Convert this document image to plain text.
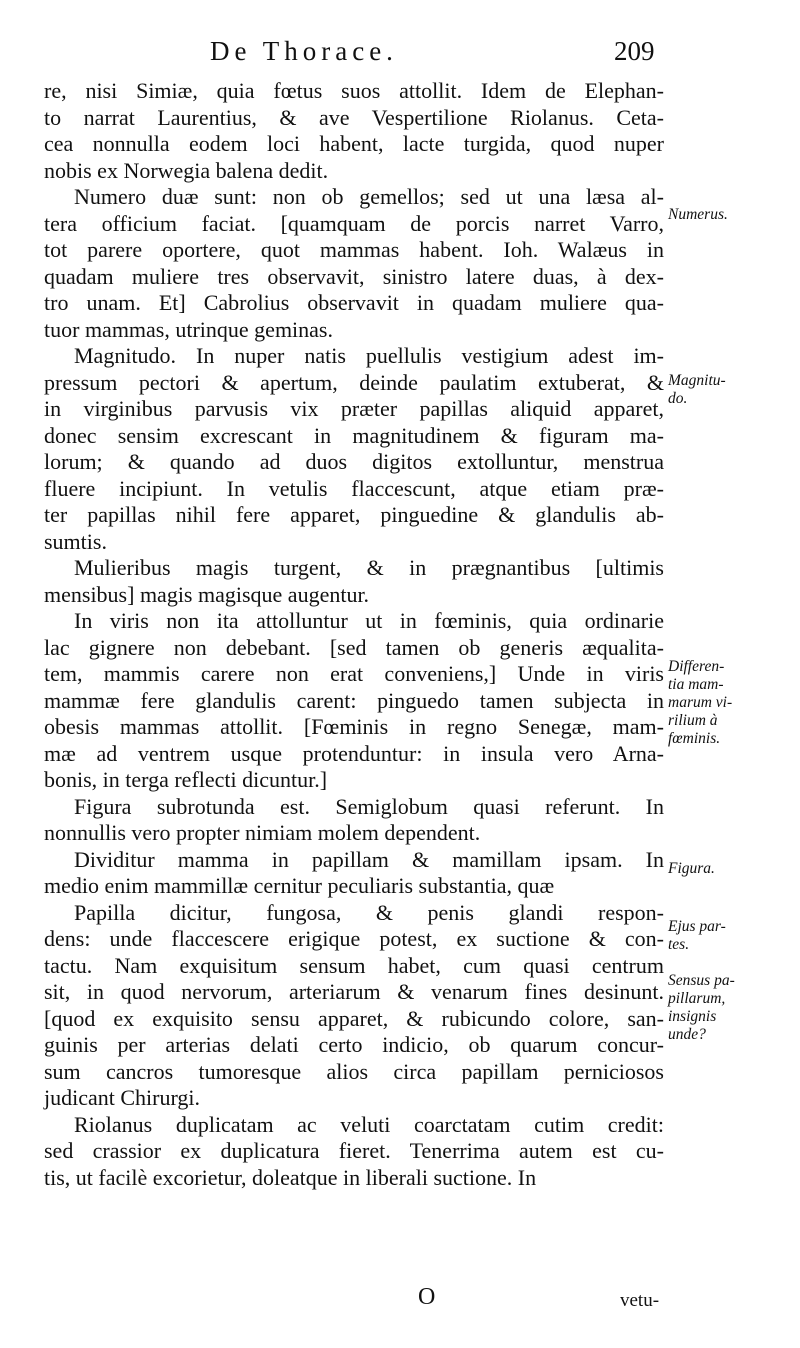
De Thorace.	209
re, nisi Simiæ, quia fœtus suos attollit. Idem de Elephan-
to narrat Laurentius, & ave Vespertilione Riolanus. Ceta-
cea nonnulla eodem loci habent, lacte turgida, quod nuper
nobis ex Norwegia balena dedit.
Numero duæ sunt: non ob gemellos; sed ut una læsa al-
tera officium faciat. [quamquam de porcis narret Varro,
tot parere oportere, quot mammas habent. Ioh. Walæus in
quadam muliere tres observavit, sinistro latere duas, à dex-
tro unam. Et] Cabrolius observavit in quadam muliere qua-
tuor mammas, utrinque geminas.
Magnitudo. In nuper natis puellulis vestigium adest im-
pressum pectori & apertum, deinde paulatim extuberat, &
in virginibus parvusis vix præter papillas aliquid apparet,
donec sensim excrescant in magnitudinem & figuram ma-
lorum; & quando ad duos digitos extolluntur, menstrua
fluere incipiunt. In vetulis flaccescunt, atque etiam præ-
ter papillas nihil fere apparet, pinguedine & glandulis ab-
sumtis.
Mulieribus magis turgent, & in prægnantibus [ultimis
mensibus] magis magisque augentur.
In viris non ita attolluntur ut in fœminis, quia ordinarie
lac gignere non debebant. [sed tamen ob generis æqualita-
tem, mammis carere non erat conveniens,] Unde in viris
mammæ fere glandulis carent: pinguedo tamen subjecta in
obesis mammas attollit. [Fœminis in regno Senegæ, mam-
mæ ad ventrem usque protenduntur: in insula vero Arna-
bonis, in terga reflecti dicuntur.]
Figura subrotunda est. Semiglobum quasi referunt. In
nonnullis vero propter nimiam molem dependent.
Dividitur mamma in papillam & mamillam ipsam. In
medio enim mammillæ cernitur peculiaris substantia, quæ
Papilla dicitur, fungosa, & penis glandi respon-
dens: unde flaccescere erigique potest, ex suctione & con-
tactu. Nam exquisitum sensum habet, cum quasi centrum
sit, in quod nervorum, arteriarum & venarum fines desinunt.
[quod ex exquisito sensu apparet, & rubicundo colore, san-
guinis per arterias delati certo indicio, ob quarum concur-
sum cancros tumoresque alios circa papillam perniciosos
judicant Chirurgi.
Riolanus duplicatam ac veluti coarctatam cutim credit:
sed crassior ex duplicatura fieret. Tenerrima autem est cu-
tis, ut facilè excorietur, doleatque in liberali suctione. In
Numerus.
Magnitu-
do.
Differen-
tia mam-
marum vi-
rilium à
fœminis.
Figura.
Ejus par-
tes.
Sensus pa-
pillarum,
insignis
unde?
O	vetu-
